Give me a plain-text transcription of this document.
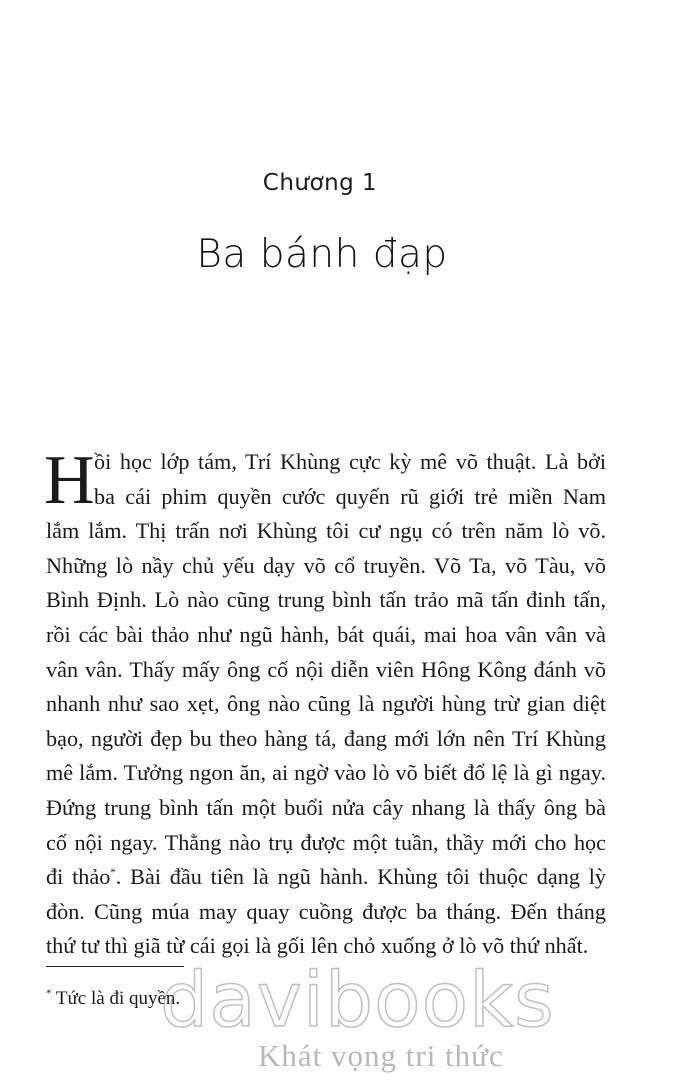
Chương 1
Ba bánh đạp
H ồi học lớp tám, Trí Khùng cực kỳ mê võ thuật. Là bởi
ba cái phim quyền cước quyến rũ giới trẻ miền Nam
lắm lắm. Thị trấn nơi Khùng tôi cư ngụ có trên năm lò võ.
Những lò nầy chủ yếu dạy võ cổ truyền. Võ Ta, võ Tàu, võ
Bình Định. Lò nào cũng trung bình tấn trảo mã tấn đinh tấn,
rồi các bài thảo như ngũ hành, bát quái, mai hoa vân vân và
vân vân. Thấy mấy ông cố nội diễn viên Hông Kông đánh võ
nhanh như sao xẹt, ông nào cũng là người hùng trừ gian diệt
bạo, người đẹp bu theo hàng tá, đang mới lớn nên Trí Khùng
mê lắm. Tưởng ngon ăn, ai ngờ vào lò võ biết đổ lệ là gì ngay.
Đứng trung bình tấn một buổi nửa cây nhang là thấy ông bà
cố nội ngay. Thằng nào trụ được một tuần, thầy mới cho học
đi thảo*. Bài đầu tiên là ngũ hành. Khùng tôi thuộc dạng lỳ
đòn. Cũng múa may quay cuồng được ba tháng. Đến tháng
thứ tư thì giã từ cái gọi là gối lên chỏ xuống ở lò võ thứ nhất.
* Tức là đi quyền.
davibooks
Khát vọng tri thức
